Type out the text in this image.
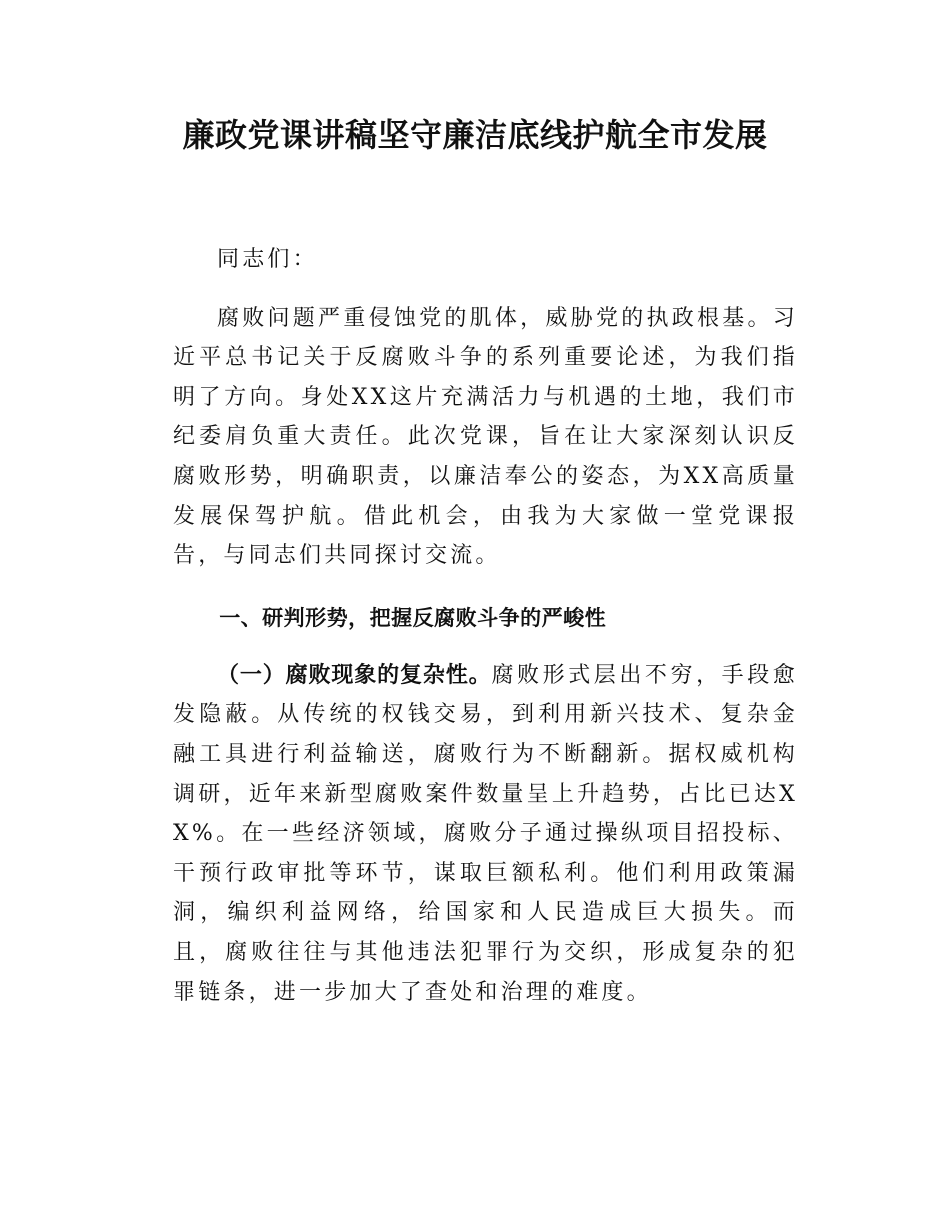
廉政党课讲稿坚守廉洁底线护航全市发展

同志们：

腐败问题严重侵蚀党的肌体，威胁党的执政根基。习近平总书记关于反腐败斗争的系列重要论述，为我们指明了方向。身处XX这片充满活力与机遇的土地，我们市纪委肩负重大责任。此次党课，旨在让大家深刻认识反腐败形势，明确职责，以廉洁奉公的姿态，为XX高质量发展保驾护航。借此机会，由我为大家做一堂党课报告，与同志们共同探讨交流。

一、研判形势，把握反腐败斗争的严峻性

（一）腐败现象的复杂性。腐败形式层出不穷，手段愈发隐蔽。从传统的权钱交易，到利用新兴技术、复杂金融工具进行利益输送，腐败行为不断翻新。据权威机构调研，近年来新型腐败案件数量呈上升趋势，占比已达XX%。在一些经济领域，腐败分子通过操纵项目招投标、干预行政审批等环节，谋取巨额私利。他们利用政策漏洞，编织利益网络，给国家和人民造成巨大损失。而且，腐败往往与其他违法犯罪行为交织，形成复杂的犯罪链条，进一步加大了查处和治理的难度。
